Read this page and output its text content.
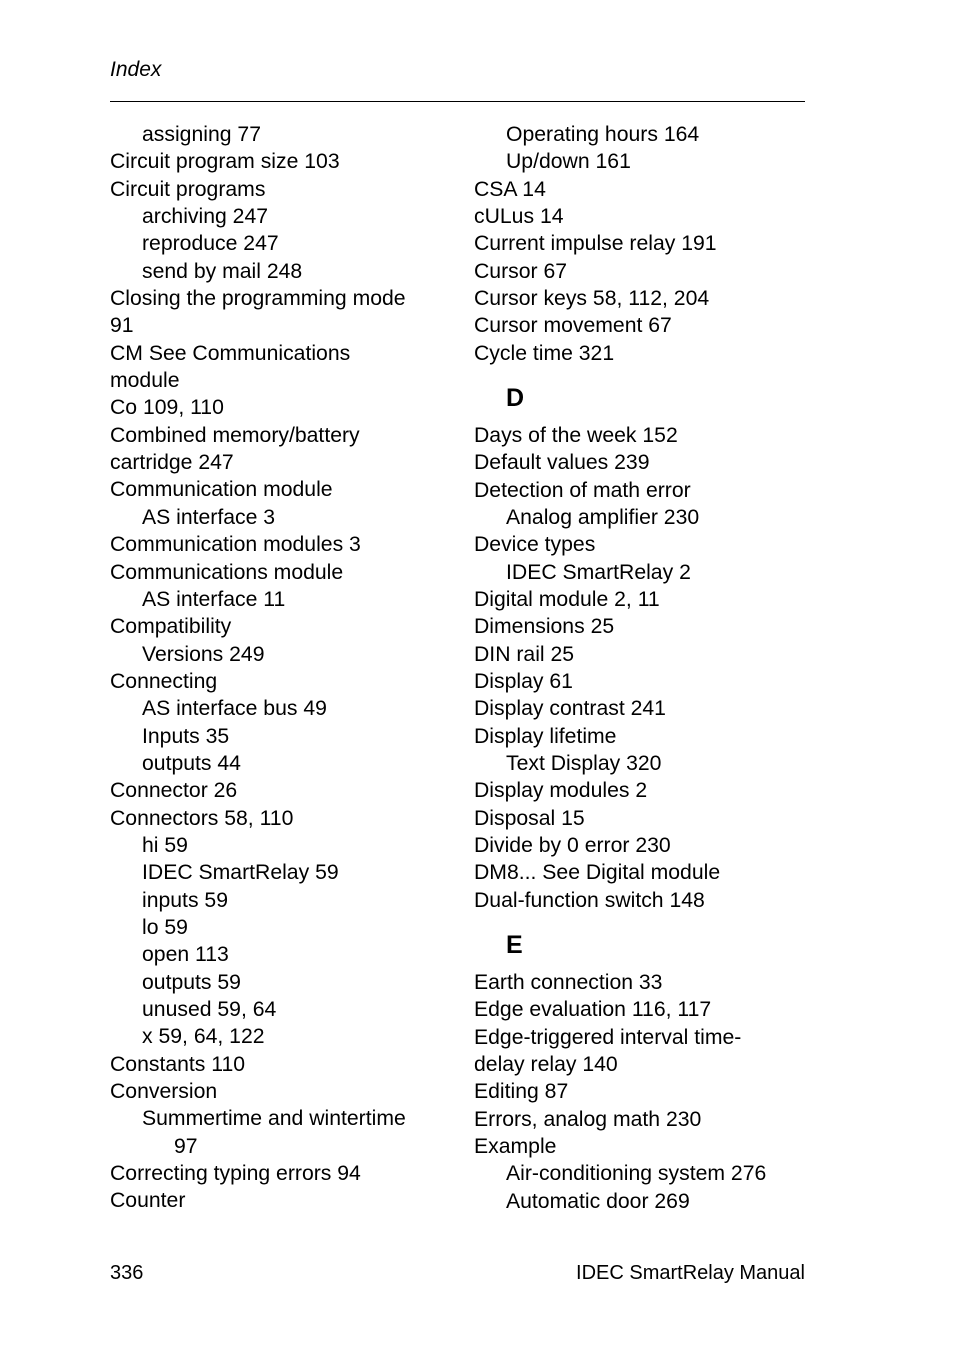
Index
assigning 77
Circuit program size 103
Circuit programs
archiving 247
reproduce 247
send by mail 248
Closing the programming mode
91
CM See Communications
module
Co 109, 110
Combined memory/battery
cartridge 247
Communication module
AS interface 3
Communication modules 3
Communications module
AS interface 11
Compatibility
Versions 249
Connecting
AS interface bus 49
Inputs 35
outputs 44
Connector 26
Connectors 58, 110
hi 59
IDEC SmartRelay 59
inputs 59
lo 59
open 113
outputs 59
unused 59, 64
x 59, 64, 122
Constants 110
Conversion
Summertime and wintertime
97
Correcting typing errors 94
Counter
Operating hours 164
Up/down 161
CSA 14
cULus 14
Current impulse relay 191
Cursor 67
Cursor keys 58, 112, 204
Cursor movement 67
Cycle time 321
D
Days of the week 152
Default values 239
Detection of math error
Analog amplifier 230
Device types
IDEC SmartRelay 2
Digital module 2, 11
Dimensions 25
DIN rail 25
Display 61
Display contrast 241
Display lifetime
Text Display 320
Display modules 2
Disposal 15
Divide by 0 error 230
DM8... See Digital module
Dual-function switch 148
E
Earth connection 33
Edge evaluation 116, 117
Edge-triggered interval time-
delay relay 140
Editing 87
Errors, analog math 230
Example
Air-conditioning system 276
Automatic door 269
336	IDEC SmartRelay Manual
